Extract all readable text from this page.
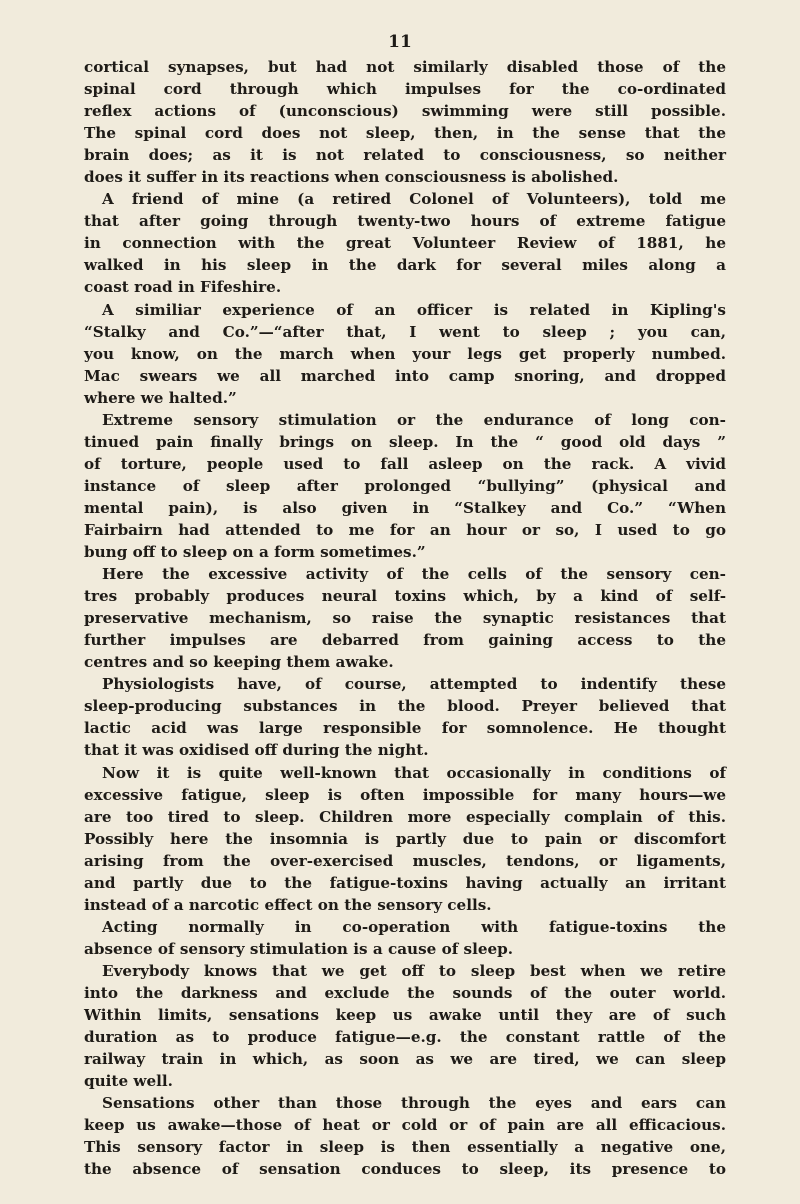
11
cortical synapses, but had not similarly disabled those of the
spinal cord through which impulses for the co-ordinated
reflex actions of (unconscious) swimming were still possible.
The spinal cord does not sleep, then, in the sense that the
brain does; as it is not related to consciousness, so neither
does it suffer in its reactions when consciousness is abolished.
A friend of mine (a retired Colonel of Volunteers), told me
that after going through twenty-two hours of extreme fatigue
in connection with the great Volunteer Review of 1881, he
walked in his sleep in the dark for several miles along a
coast road in Fifeshire.
A similiar experience of an officer is related in Kipling's
“Stalky and Co.”—“after that, I went to sleep ; you can,
you know, on the march when your legs get properly numbed.
Mac swears we all marched into camp snoring, and dropped
where we halted.”
Extreme sensory stimulation or the endurance of long con-
tinued pain finally brings on sleep. In the “ good old days ”
of torture, people used to fall asleep on the rack. A vivid
instance of sleep after prolonged “bullying” (physical and
mental pain), is also given in “Stalkey and Co.” “When
Fairbairn had attended to me for an hour or so, I used to go
bung off to sleep on a form sometimes.”
Here the excessive activity of the cells of the sensory cen-
tres probably produces neural toxins which, by a kind of self-
preservative mechanism, so raise the synaptic resistances that
further impulses are debarred from gaining access to the
centres and so keeping them awake.
Physiologists have, of course, attempted to indentify these
sleep-producing substances in the blood. Preyer believed that
lactic acid was large responsible for somnolence. He thought
that it was oxidised off during the night.
Now it is quite well-known that occasionally in conditions of
excessive fatigue, sleep is often impossible for many hours—we
are too tired to sleep. Children more especially complain of this.
Possibly here the insomnia is partly due to pain or discomfort
arising from the over-exercised muscles, tendons, or ligaments,
and partly due to the fatigue-toxins having actually an irritant
instead of a narcotic effect on the sensory cells.
Acting normally in co-operation with fatigue-toxins the
absence of sensory stimulation is a cause of sleep.
Everybody knows that we get off to sleep best when we retire
into the darkness and exclude the sounds of the outer world.
Within limits, sensations keep us awake until they are of such
duration as to produce fatigue—e.g. the constant rattle of the
railway train in which, as soon as we are tired, we can sleep
quite well.
Sensations other than those through the eyes and ears can
keep us awake—those of heat or cold or of pain are all efficacious.
This sensory factor in sleep is then essentially a negative one,
the absence of sensation conduces to sleep, its presence to
